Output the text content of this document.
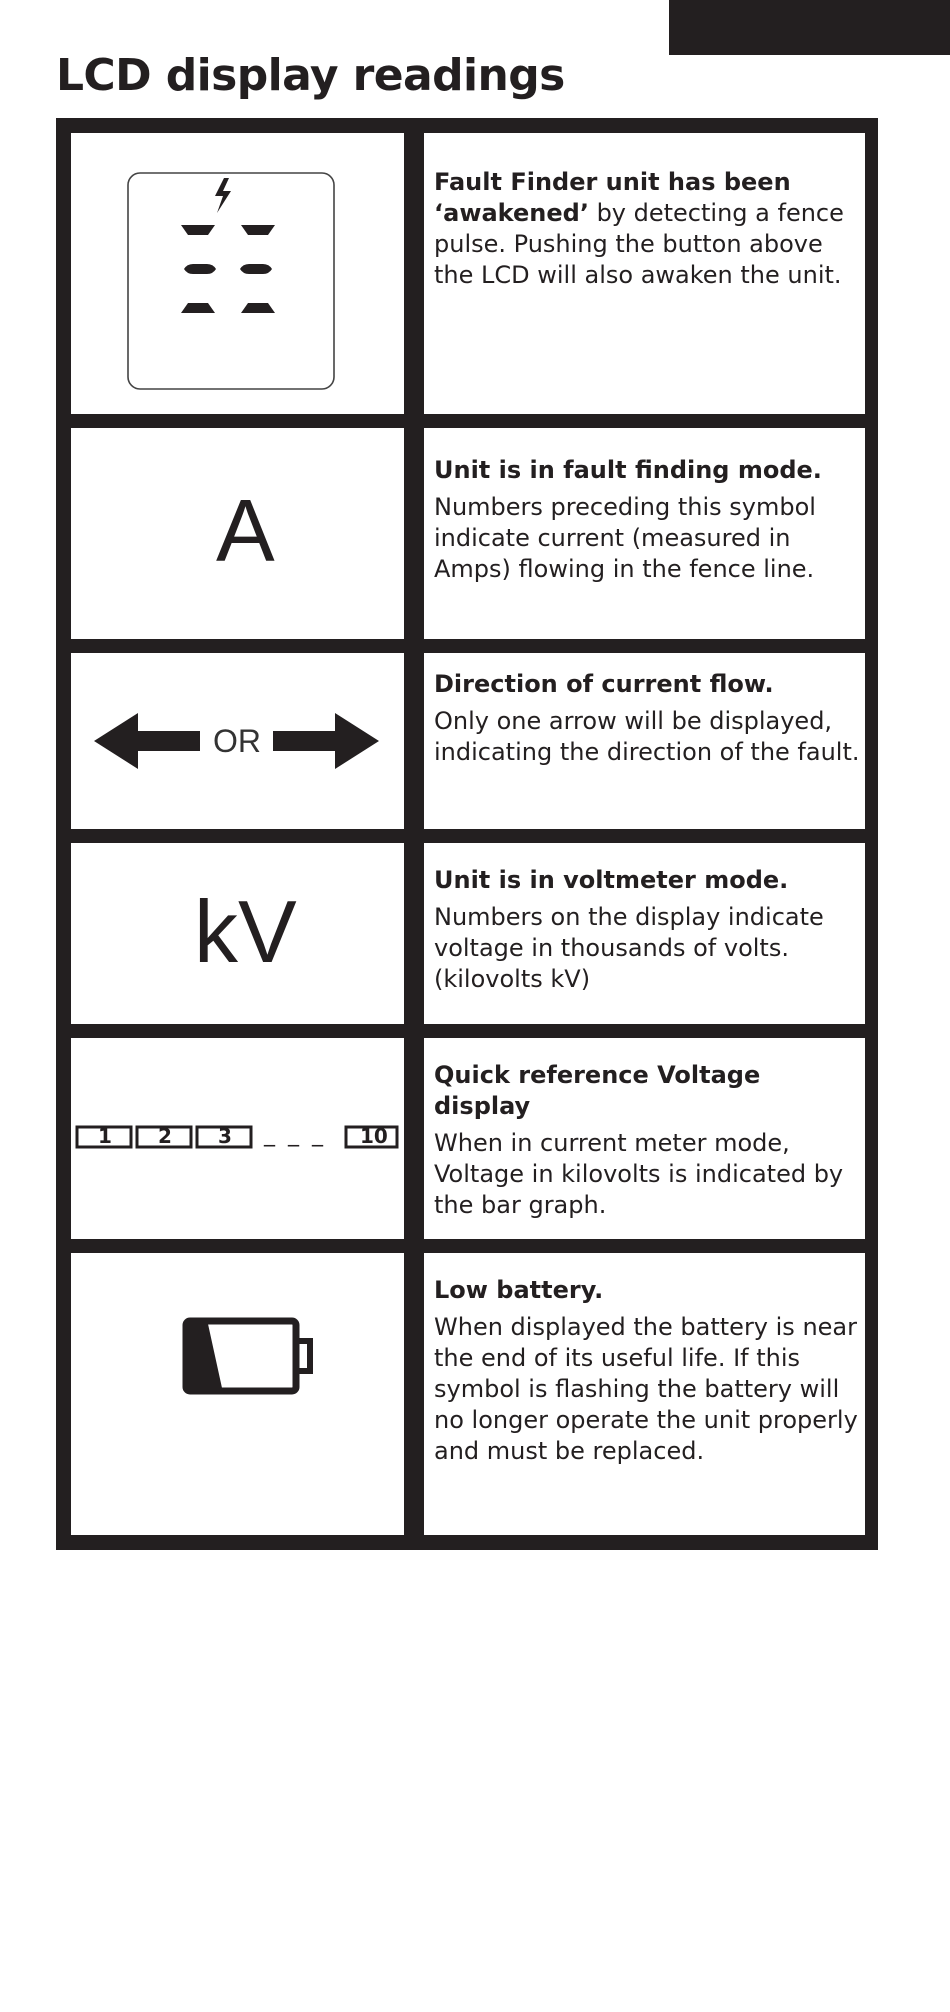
LCD display readings
Fault Finder unit has been
‘awakened’ by detecting a fence pulse. Pushing the button above the LCD will also awaken the unit.
A
Unit is in fault finding mode.
Numbers preceding this symbol indicate current (measured in Amps) flowing in the fence line.
OR
Direction of current flow.
Only one arrow will be displayed, indicating the direction of the fault.
kV
Unit is in voltmeter mode.
Numbers on the display indicate voltage in thousands of volts. (kilovolts kV)
1 2 3 _ _ _ 10
Quick reference Voltage display
When in current meter mode, Voltage in kilovolts is indicated by the bar graph.
Low battery.
When displayed the battery is near the end of its useful life. If this symbol is flashing the battery will no longer operate the unit properly and must be replaced.
